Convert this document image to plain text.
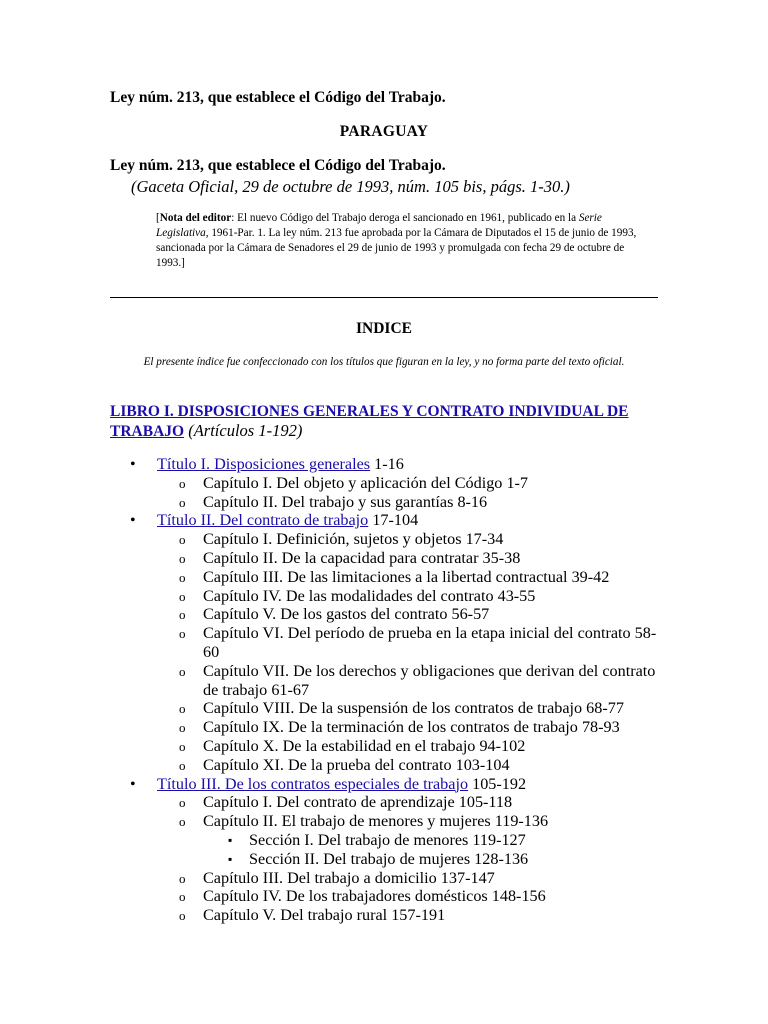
Ley núm. 213, que establece el Código del Trabajo.
PARAGUAY
Ley núm. 213, que establece el Código del Trabajo.
(Gaceta Oficial, 29 de octubre de 1993, núm. 105 bis, págs. 1-30.)
[Nota del editor: El nuevo Código del Trabajo deroga el sancionado en 1961, publicado en la Serie Legislativa, 1961-Par. 1. La ley núm. 213 fue aprobada por la Cámara de Diputados el 15 de junio de 1993, sancionada por la Cámara de Senadores el 29 de junio de 1993 y promulgada con fecha 29 de octubre de 1993.]
INDICE
El presente índice fue confeccionado con los títulos que figuran en la ley, y no forma parte del texto oficial.
LIBRO I. DISPOSICIONES GENERALES Y CONTRATO INDIVIDUAL DE TRABAJO (Artículos 1-192)
• Título I. Disposiciones generales 1-16
o Capítulo I. Del objeto y aplicación del Código 1-7
o Capítulo II. Del trabajo y sus garantías 8-16
• Título II. Del contrato de trabajo 17-104
o Capítulo I. Definición, sujetos y objetos 17-34
o Capítulo II. De la capacidad para contratar 35-38
o Capítulo III. De las limitaciones a la libertad contractual 39-42
o Capítulo IV. De las modalidades del contrato 43-55
o Capítulo V. De los gastos del contrato 56-57
o Capítulo VI. Del período de prueba en la etapa inicial del contrato 58-60
o Capítulo VII. De los derechos y obligaciones que derivan del contrato de trabajo 61-67
o Capítulo VIII. De la suspensión de los contratos de trabajo 68-77
o Capítulo IX. De la terminación de los contratos de trabajo 78-93
o Capítulo X. De la estabilidad en el trabajo 94-102
o Capítulo XI. De la prueba del contrato 103-104
• Título III. De los contratos especiales de trabajo 105-192
o Capítulo I. Del contrato de aprendizaje 105-118
o Capítulo II. El trabajo de menores y mujeres 119-136
▪ Sección I. Del trabajo de menores 119-127
▪ Sección II. Del trabajo de mujeres 128-136
o Capítulo III. Del trabajo a domicilio 137-147
o Capítulo IV. De los trabajadores domésticos 148-156
o Capítulo V. Del trabajo rural 157-191
